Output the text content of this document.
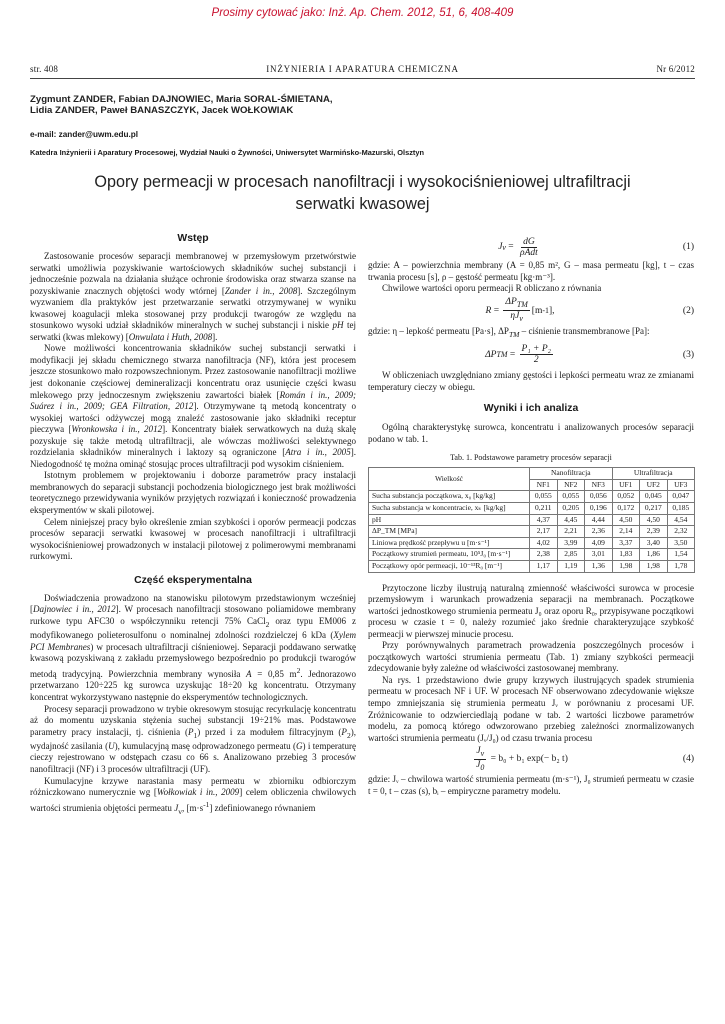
Prosimy cytować jako: Inż. Ap. Chem. 2012, 51, 6, 408-409
str. 408	INŻYNIERIA I APARATURA CHEMICZNA	Nr 6/2012
Zygmunt ZANDER, Fabian DAJNOWIEC, Maria SORAL-ŚMIETANA,
Lidia ZANDER, Paweł BANASZCZYK, Jacek WOŁKOWIAK
e-mail: zander@uwm.edu.pl
Katedra Inżynierii i Aparatury Procesowej, Wydział Nauki o Żywności, Uniwersytet Warmińsko-Mazurski, Olsztyn
Opory permeacji w procesach nanofiltracji i wysokociśnieniowej ultrafiltracji
serwatki kwasowej
Wstęp

Zastosowanie procesów separacji membranowej w przemysłowym przetwórstwie serwatki umożliwia pozyskiwanie wartościowych składników suchej substancji i jednocześnie pozwala na działania służące ochronie środowiska oraz stwarza szanse na pozyskiwanie znacznych objętości wody wtórnej [Zander i in., 2008]. Szczególnym wyzwaniem dla praktyków jest przetwarzanie serwatki otrzymywanej w wyniku kwasowej koagulacji mleka stosowanej przy produkcji twarogów ze względu na stosunkowo wysoki udział składników mineralnych w suchej substancji i niskie pH tej serwatki (kwas mlekowy) [Onwulata i Huth, 2008].

Nowe możliwości koncentrowania składników suchej substancji serwatki i modyfikacji jej składu chemicznego stwarza nanofiltracja (NF), która jest procesem jeszcze stosunkowo mało rozpowszechnionym. Przez zastosowanie nanofiltracji możliwe jest dokonanie częściowej demineralizacji koncentratu oraz usunięcie części kwasu mlekowego przy jednoczesnym zwiększeniu zawartości białek [Román i in., 2009; Suárez i in., 2009; GEA Filtration, 2012]. Otrzymywane tą metodą koncentraty o wysokiej wartości odżywczej mogą znaleźć zastosowanie jako składniki receptur pieczywa [Wronkowska i in., 2012]. Koncentraty białek serwatkowych na dużą skalę pozyskuje się także metodą ultrafiltracji, ale wówczas możliwości selektywnego rozdzielania składników mineralnych i laktozy są ograniczone [Atra i in., 2005]. Niedogodność tę można ominąć stosując proces ultrafiltracji pod wysokim ciśnieniem.

Istotnym problemem w projektowaniu i doborze parametrów pracy instalacji membranowych do separacji substancji pochodzenia biologicznego jest brak możliwości teoretycznego przewidywania wyników przyjętych rozwiązań i konieczność prowadzenia eksperymentów w skali pilotowej.

Celem niniejszej pracy było określenie zmian szybkości i oporów permeacji podczas procesów separacji serwatki kwasowej w procesach nanofiltracji i ultrafiltracji wysokociśnieniowej prowadzonych w instalacji pilotowej z polimerowymi membranami rurkowymi.

Część eksperymentalna

Doświadczenia prowadzono na stanowisku pilotowym przedstawionym wcześniej [Dajnowiec i in., 2012]. W procesach nanofiltracji stosowano poliamidowe membrany rurkowe typu AFC30 o współczynniku retencji 75% CaCl$_2$ oraz typu EM006 z modyfikowanego polieterosulfonu o nominalnej zdolności rozdzielczej 6 kDa (Xylem PCI Membranes) w procesach ultrafiltracji ciśnieniowej. Separacji poddawano serwatkę kwasową pozyskiwaną z zakładu przemysłowego bezpośrednio po produkcji twarogów metodą tradycyjną. Powierzchnia membrany wynosiła A = 0,85 $m^2$. Jednorazowo przetwarzano 120÷225 kg surowca uzyskując 18÷20 kg koncentratu. Otrzymany koncentrat wykorzystywano następnie do eksperymentów technologicznych.

Procesy separacji prowadzono w trybie okresowym stosując recyrkulację koncentratu aż do momentu uzyskania stężenia suchej substancji 19÷21% mas. Podstawowe parametry pracy instalacji, tj. ciśnienia $(P_1)$ przed i za modułem filtracyjnym $(P_2)$, wydajność zasilania (U), kumulacyjną masę odprowadzonego permeatu (G) i temperaturę cieczy rejestrowano w odstępach czasu co 66 s. Analizowano przebieg 3 procesów nanofiltracji (NF) i 3 procesów ultrafiltracji (UF).

Kumulacyjne krzywe narastania masy permeatu w zbiorniku odbiorczym różniczkowano numerycznie wg [Wołkowiak i in., 2009] celem obliczenia chwilowych wartości strumienia objętości permeatu $J_v$, $[m\cdot s^{-1}]$ zdefiniowanego równaniem

J $v = \frac{dG}{\text{ρAdt}}$	(1)
gdzie: A – powierzchnia membrany (A = 0,85 m², G – masa permeatu [kg], t – czas trwania procesu [s], ρ – gęstość permeatu [kg·m⁻³].

Chwilowe wartości oporu permeacji R obliczano z równania

$R = \frac{\Delta P_{TM}}{\eta J_v} [m$ -1 ],	(2)
gdzie: η – lepkość permeatu [Pa·s], $\Delta P_{TM}$ – ciśnienie transmembranowe [Pa]:
ΔP TM = $\frac{\text{P₁ + P₂}}{2}$	(3)

W obliczeniach uwzględniano zmiany gęstości i lepkości permeatu wraz ze zmianami temperatury cieczy w obiegu.

Wyniki i ich analiza

Ogólną charakterystykę surowca, koncentratu i analizowanych procesów separacji podano w tab. 1.

Tab. 1. Podstawowe parametry procesów separacji
Wielkość	Nanofiltracja			Ultrafiltracja		
	NF1	NF2	NF3	UF1	UF2	UF3
Sucha substancja początkowa, x₀ [kg/kg]	0,055	0,055	0,056	0,052	0,045	0,047
Sucha substancja w koncentracie, xₖ [kg/kg]	0,211	0,205	0,196	0,172	0,217	0,185
pH	4,37	4,45	4,44	4,50	4,50	4,54
ΔP_TM [MPa]	2,17	2,21	2,36	2,14	2,39	2,32
Liniowa prędkość przepływu u [m·s⁻¹]	4,02	3,99	4,09	3,37	3,40	3,50
Początkowy strumień permeatu, 10⁵J₀ [m·s⁻¹]	2,38	2,85	3,01	1,83	1,86	1,54
Początkowy opór permeacji, 10⁻¹³R₀ [m⁻¹]	1,17	1,19	1,36	1,98	1,98	1,78

Przytoczone liczby ilustrują naturalną zmienność właściwości surowca w procesie przemysłowym i warunkach prowadzenia separacji na membranach. Początkowe wartości jednostkowego strumienia permeatu J₀ oraz oporu R₀, przypisywane początkowi procesu w czasie t = 0, należy rozumieć jako średnie charakteryzujące szybkość permeacji w pierwszej minucie procesu.

Przy porównywalnych parametrach prowadzenia poszczególnych procesów i początkowych wartości strumienia permeatu (Tab. 1) zmiany szybkości permeacji zdecydowanie były zależne od właściwości zastosowanej membrany.

Na rys. 1 przedstawiono dwie grupy krzywych ilustrujących spadek strumienia permeatu w procesach NF i UF. W procesach NF obserwowano zdecydowanie większe tempo zmniejszania się strumienia permeatu Jᵥ w porównaniu z procesami UF. Zróżnicowanie to odzwierciedlają podane w tab. 2 wartości liczbowe parametrów modelu, za pomocą którego odwzorowano przebieg zależności znormalizowanych wartości strumienia permeatu (Jᵥ/J₀) od czasu trwania procesu

$\frac{J_v}{J_0}$
= b₀ + b₁ exp(− b₂ t)	(4)
gdzie: Jᵥ – chwilowa wartość strumienia permeatu (m·s⁻¹), J₀ strumień permeatu w czasie t = 0, t – czas (s), bᵢ – empiryczne parametry modelu.
